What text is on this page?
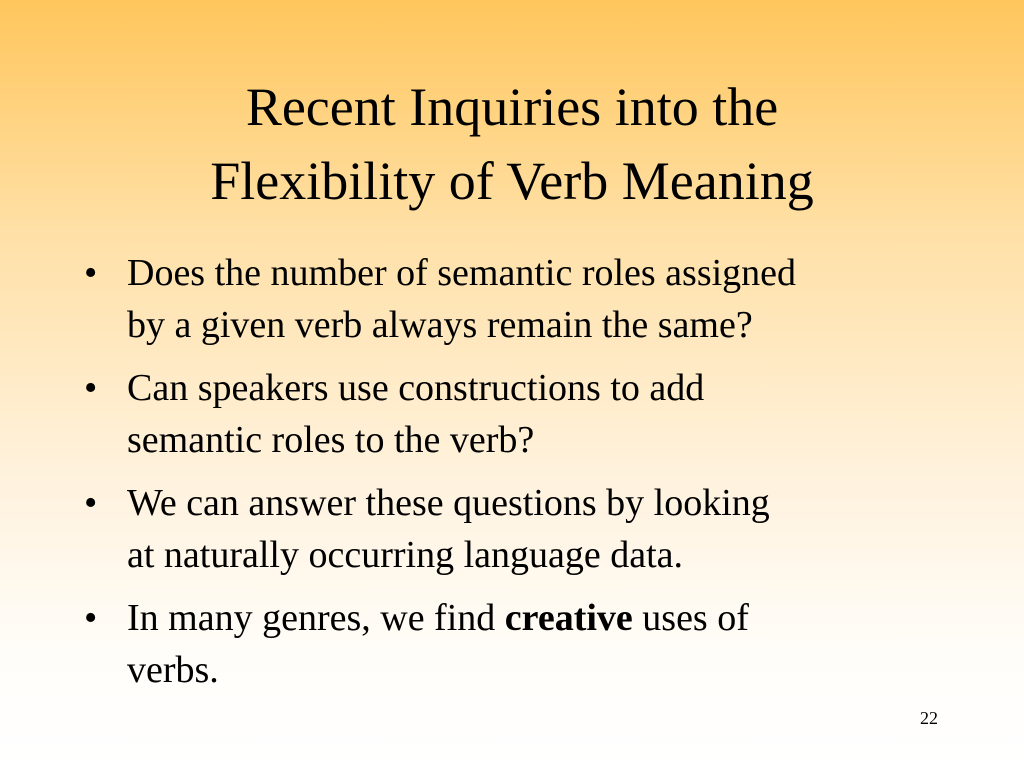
Recent Inquiries into the
Flexibility of Verb Meaning
• Does the number of semantic roles assigned
by a given verb always remain the same?
• Can speakers use constructions to add
semantic roles to the verb?
• We can answer these questions by looking
at naturally occurring language data.
• In many genres, we find creative uses of
verbs.
22
